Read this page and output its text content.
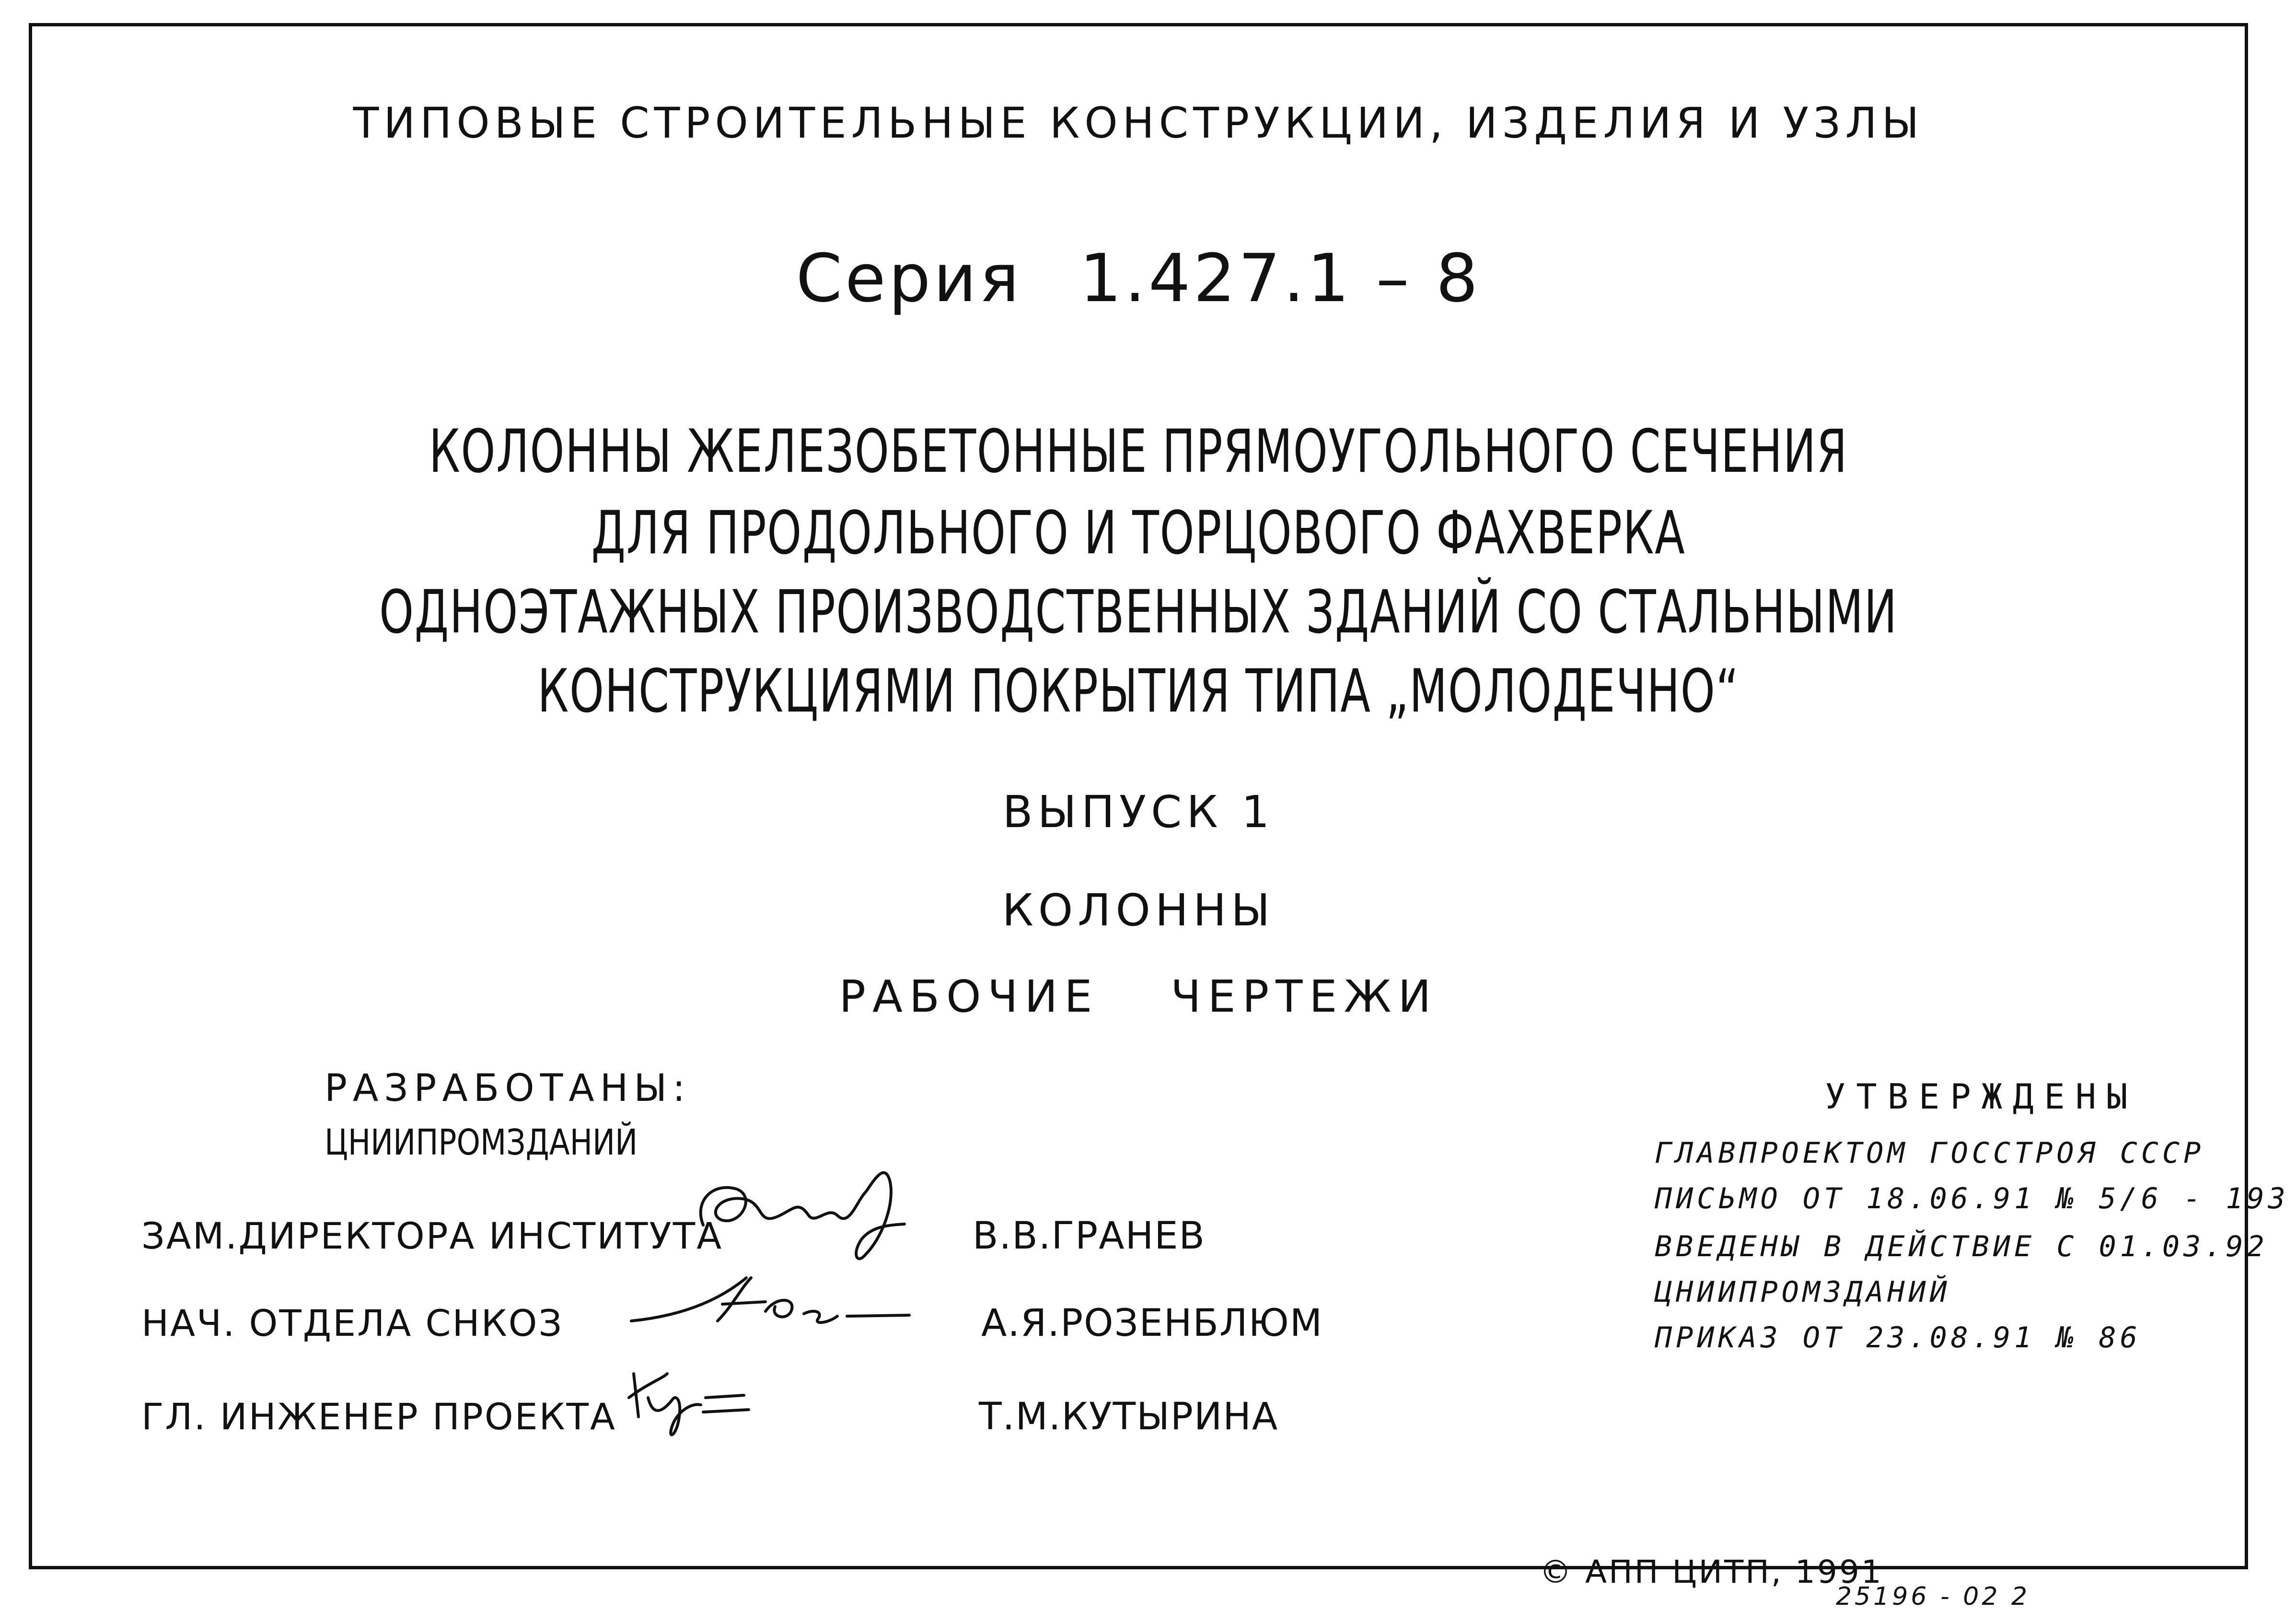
ТИПОВЫЕ СТРОИТЕЛЬНЫЕ КОНСТРУКЦИИ, ИЗДЕЛИЯ И УЗЛЫ
Серия 1.427.1 – 8
КОЛОННЫ ЖЕЛЕЗОБЕТОННЫЕ ПРЯМОУГОЛЬНОГО СЕЧЕНИЯ
ДЛЯ ПРОДОЛЬНОГО И ТОРЦОВОГО ФАХВЕРКА
ОДНОЭТАЖНЫХ ПРОИЗВОДСТВЕННЫХ ЗДАНИЙ СО СТАЛЬНЫМИ
КОНСТРУКЦИЯМИ ПОКРЫТИЯ ТИПА „МОЛОДЕЧНО“
ВЫПУСК 1
КОЛОННЫ
РАБОЧИЕ ЧЕРТЕЖИ
РАЗРАБОТАНЫ:
ЦНИИПРОМЗДАНИЙ
ЗАМ.ДИРЕКТОРА ИНСТИТУТА
НАЧ. ОТДЕЛА СНКОЗ
ГЛ. ИНЖЕНЕР ПРОЕКТА
В.В.ГРАНЕВ
А.Я.РОЗЕНБЛЮМ
Т.М.КУТЫРИНА
УТВЕРЖДЕНЫ
ГЛАВПРОЕКТОМ ГОССТРОЯ СССР
ПИСЬМО ОТ 18.06.91 № 5/6 - 193
ВВЕДЕНЫ В ДЕЙСТВИЕ С 01.03.92
ЦНИИПРОМЗДАНИЙ
ПРИКАЗ ОТ 23.08.91 № 86
© АПП ЦИТП, 1991
25196 - 02 2
